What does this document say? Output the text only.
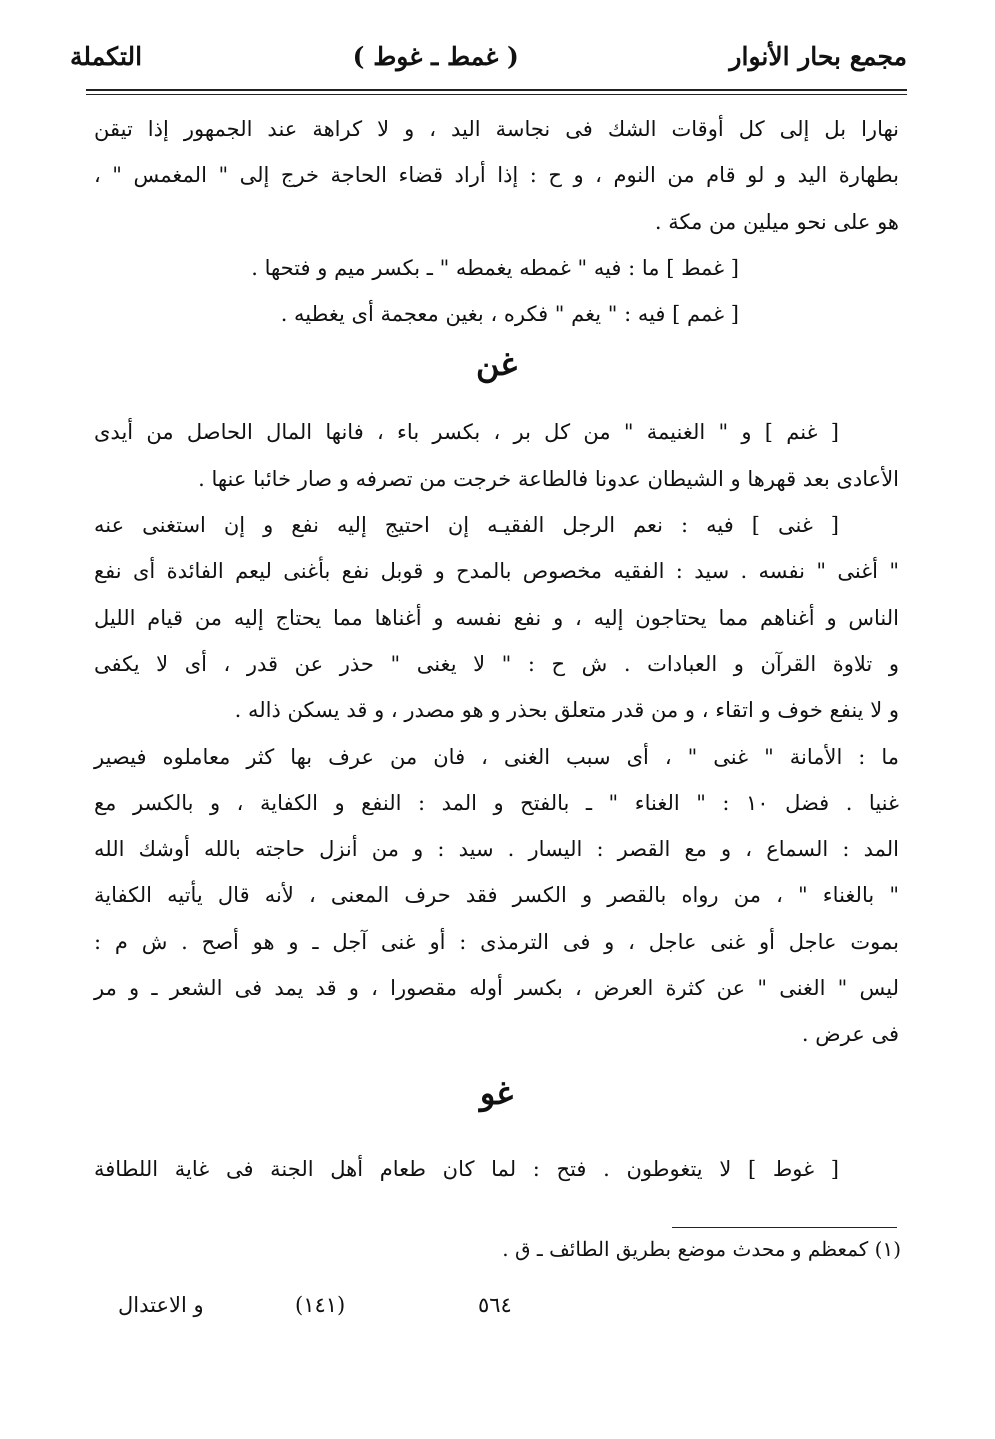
مجمع بحار الأنوار
( غمط ـ غوط )
التكملة
نهارا بل إلى كل أوقات الشك فى نجاسة اليد ، و لا كراهة عند الجمهور إذا تيقن
بطهارة اليد و لو قام من النوم ، و ح : إذا أراد قضاء الحاجة خرج إلى " المغمس " ،
هو على نحو ميلين من مكة .
[ غمط ] ما : فيه " غمطه يغمطه " ـ بكسر ميم و فتحها .
[ غمم ] فيه : " يغم " فكره ، بغين معجمة أى يغطيه .
غن
[ غنم ] و " الغنيمة " من كل بر ، بكسر باء ، فانها المال الحاصل من أيدى
الأعادى بعد قهرها و الشيطان عدونا فالطاعة خرجت من تصرفه و صار خائبا عنها .
[ غنى ] فيه : نعم الرجل الفقيـه إن احتيج إليه نفع و إن استغنى عنه
" أغنى " نفسه . سيد : الفقيه مخصوص بالمدح و قوبل نفع بأغنى ليعم الفائدة أى نفع
الناس و أغناهم مما يحتاجون إليه ، و نفع نفسه و أغناها مما يحتاج إليه من قيام الليل
و تلاوة القرآن و العبادات . ش ح : " لا يغنى " حذر عن قدر ، أى لا يكفى
و لا ينفع خوف و اتقاء ، و من قدر متعلق بحذر و هو مصدر ، و قد يسكن ذاله .
ما : الأمانة " غنى " ، أى سبب الغنى ، فان من عرف بها كثر معاملوه فيصير
غنيا . فضل ١٠ : " الغناء " ـ بالفتح و المد : النفع و الكفاية ، و بالكسر مع
المد : السماع ، و مع القصر : اليسار . سيد : و من أنزل حاجته بالله أوشك الله
" بالغناء " ، من رواه بالقصر و الكسر فقد حرف المعنى ، لأنه قال يأتيه الكفاية
بموت عاجل أو غنى عاجل ، و فى الترمذى : أو غنى آجل ـ و هو أصح . ش م :
ليس " الغنى " عن كثرة العرض ، بكسر أوله مقصورا ، و قد يمد فى الشعر ـ و مر
فى عرض .
غو
[ غوط ] لا يتغوطون . فتح : لما كان طعام أهل الجنة فى غاية اللطافة
(١) كمعظم و محدث موضع بطريق الطائف ـ ق .
و الاعتدال	(١٤١)	٥٦٤
